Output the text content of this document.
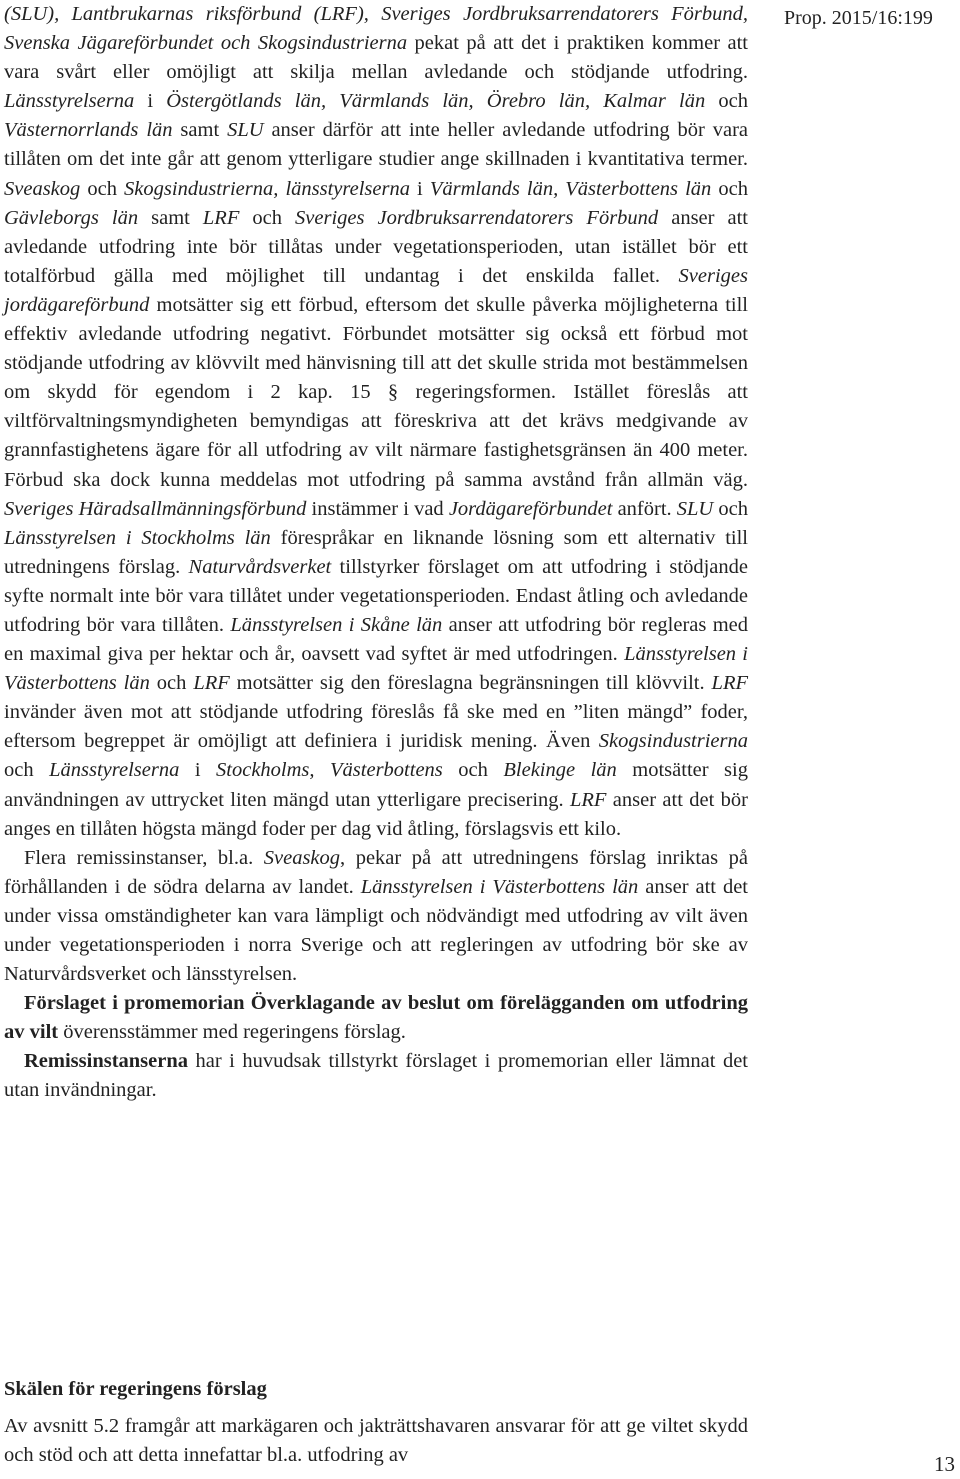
Prop. 2015/16:199

(SLU), Lantbrukarnas riksförbund (LRF), Sveriges Jordbruksarrendatorers Förbund, Svenska Jägareförbundet och Skogsindustrierna pekat på att det i praktiken kommer att vara svårt eller omöjligt att skilja mellan avledande och stödjande utfodring. Länsstyrelserna i Östergötlands län, Värmlands län, Örebro län, Kalmar län och Västernorrlands län samt SLU anser därför att inte heller avledande utfodring bör vara tillåten om det inte går att genom ytterligare studier ange skillnaden i kvantitativa termer. Sveaskog och Skogsindustrierna, länsstyrelserna i Värmlands län, Västerbottens län och Gävleborgs län samt LRF och Sveriges Jordbruksarrendatorers Förbund anser att avledande utfodring inte bör tillåtas under vegetationsperioden, utan istället bör ett totalförbud gälla med möjlighet till undantag i det enskilda fallet. Sveriges jordägareförbund motsätter sig ett förbud, eftersom det skulle påverka möjligheterna till effektiv avledande utfodring negativt. Förbundet motsätter sig också ett förbud mot stödjande utfodring av klövvilt med hänvisning till att det skulle strida mot bestämmelsen om skydd för egendom i 2 kap. 15 § regeringsformen. Istället föreslås att viltförvaltningsmyndigheten bemyndigas att föreskriva att det krävs medgivande av grannfastighetens ägare för all utfodring av vilt närmare fastighetsgränsen än 400 meter. Förbud ska dock kunna meddelas mot utfodring på samma avstånd från allmän väg. Sveriges Häradsallmänningsförbund instämmer i vad Jordägareförbundet anfört. SLU och Länsstyrelsen i Stockholms län förespråkar en liknande lösning som ett alternativ till utredningens förslag. Naturvårdsverket tillstyrker förslaget om att utfodring i stödjande syfte normalt inte bör vara tillåtet under vegetationsperioden. Endast åtling och avledande utfodring bör vara tillåten. Länsstyrelsen i Skåne län anser att utfodring bör regleras med en maximal giva per hektar och år, oavsett vad syftet är med utfodringen. Länsstyrelsen i Västerbottens län och LRF motsätter sig den föreslagna begränsningen till klövvilt. LRF invänder även mot att stödjande utfodring föreslås få ske med en ”liten mängd” foder, eftersom begreppet är omöjligt att definiera i juridisk mening. Även Skogsindustrierna och Länsstyrelserna i Stockholms, Västerbottens och Blekinge län motsätter sig användningen av uttrycket liten mängd utan ytterligare precisering. LRF anser att det bör anges en tillåten högsta mängd foder per dag vid åtling, förslagsvis ett kilo.

Flera remissinstanser, bl.a. Sveaskog, pekar på att utredningens förslag inriktas på förhållanden i de södra delarna av landet. Länsstyrelsen i Västerbottens län anser att det under vissa omständigheter kan vara lämpligt och nödvändigt med utfodring av vilt även under vegetationsperioden i norra Sverige och att regleringen av utfodring bör ske av Naturvårdsverket och länsstyrelsen.

Förslaget i promemorian Överklagande av beslut om förelägganden om utfodring av vilt överensstämmer med regeringens förslag.

Remissinstanserna har i huvudsak tillstyrkt förslaget i promemorian eller lämnat det utan invändningar.

Skälen för regeringens förslag

Av avsnitt 5.2 framgår att markägaren och jakträttshavaren ansvarar för att ge viltet skydd och stöd och att detta innefattar bl.a. utfodring av	13
